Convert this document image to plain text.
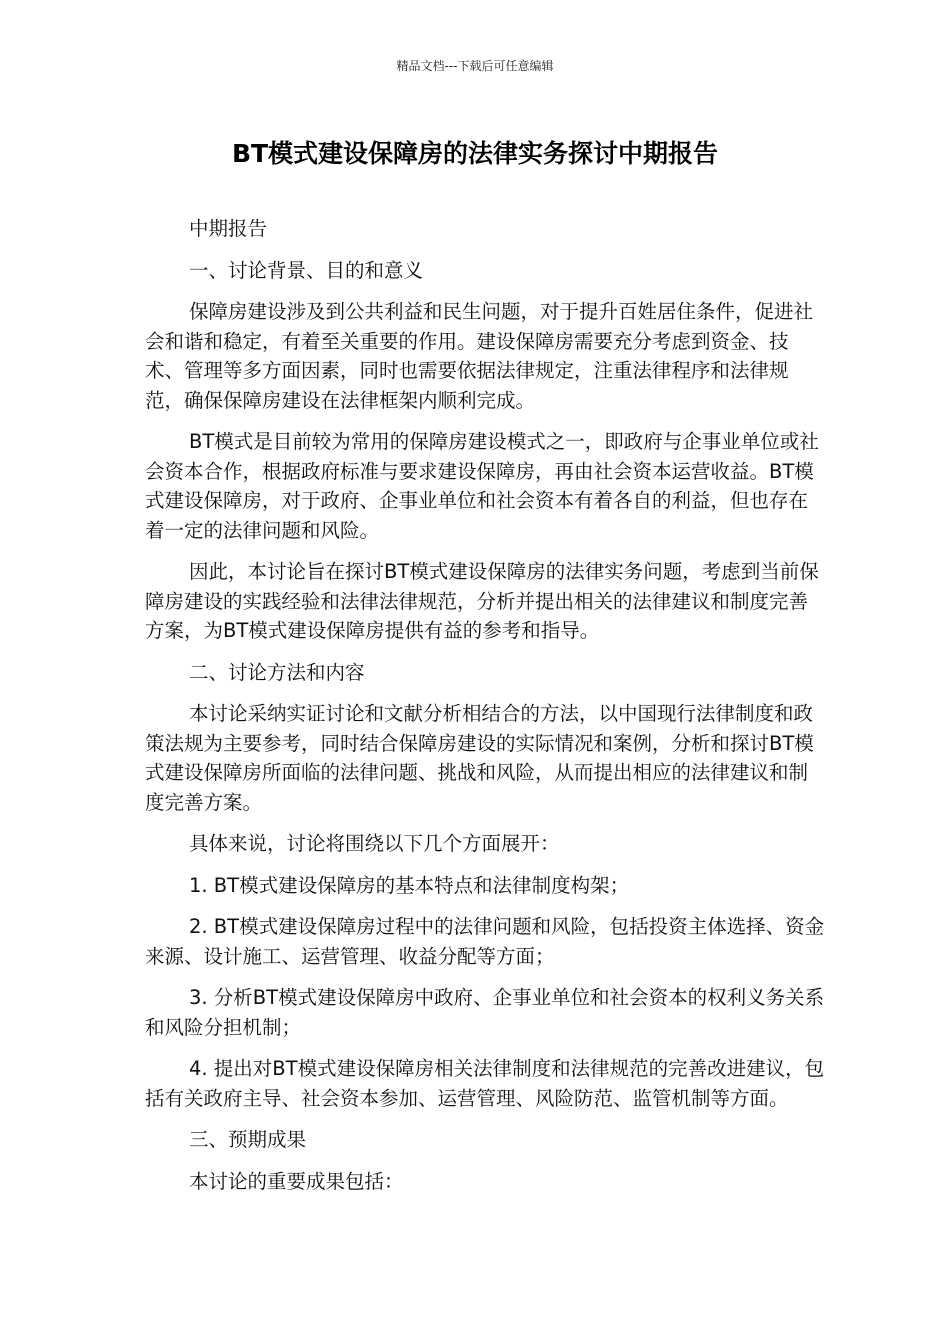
精品文档---下载后可任意编辑
BT模式建设保障房的法律实务探讨中期报告

中期报告

一、讨论背景、目的和意义

保障房建设涉及到公共利益和民生问题，对于提升百姓居住条件，促进社会和谐和稳定，有着至关重要的作用。建设保障房需要充分考虑到资金、技术、管理等多方面因素，同时也需要依据法律规定，注重法律程序和法律规范，确保保障房建设在法律框架内顺利完成。

BT模式是目前较为常用的保障房建设模式之一，即政府与企事业单位或社会资本合作，根据政府标准与要求建设保障房，再由社会资本运营收益。BT模式建设保障房，对于政府、企事业单位和社会资本有着各自的利益，但也存在着一定的法律问题和风险。

因此，本讨论旨在探讨BT模式建设保障房的法律实务问题，考虑到当前保障房建设的实践经验和法律法律规范，分析并提出相关的法律建议和制度完善方案，为BT模式建设保障房提供有益的参考和指导。

二、讨论方法和内容

本讨论采纳实证讨论和文献分析相结合的方法，以中国现行法律制度和政策法规为主要参考，同时结合保障房建设的实际情况和案例，分析和探讨BT模式建设保障房所面临的法律问题、挑战和风险，从而提出相应的法律建议和制度完善方案。

具体来说，讨论将围绕以下几个方面展开：

1. BT模式建设保障房的基本特点和法律制度构架；

2. BT模式建设保障房过程中的法律问题和风险，包括投资主体选择、资金来源、设计施工、运营管理、收益分配等方面；

3. 分析BT模式建设保障房中政府、企事业单位和社会资本的权利义务关系和风险分担机制；

4. 提出对BT模式建设保障房相关法律制度和法律规范的完善改进建议，包括有关政府主导、社会资本参加、运营管理、风险防范、监管机制等方面。

三、预期成果

本讨论的重要成果包括：
